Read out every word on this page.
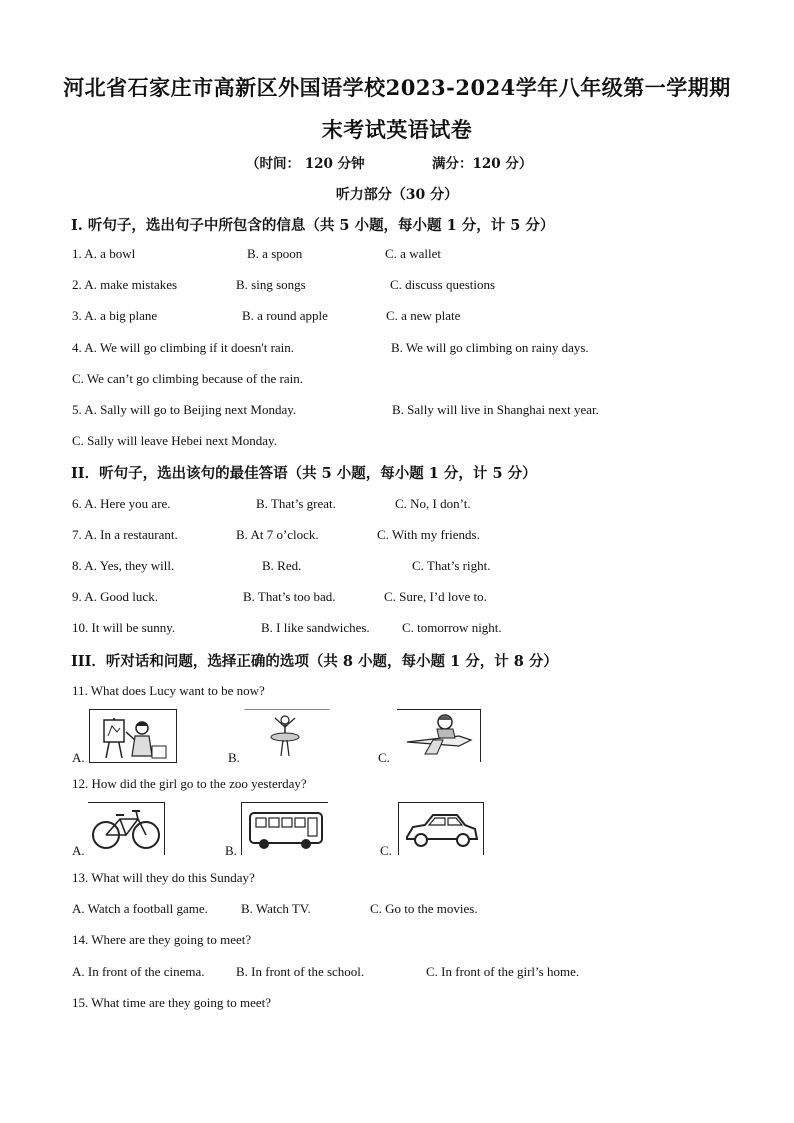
河北省石家庄市高新区外国语学校2023-2024学年八年级第一学期期
末考试英语试卷
（时间： 120 分钟	满分：120 分）
听力部分（30 分）
I. 听句子，选出句子中所包含的信息（共 5 小题，每小题 1 分，计 5 分）
1. A. a bowl	B. a spoon	C. a wallet
2. A. make mistakes	B. sing songs	C. discuss questions
3. A. a big plane	B. a round apple	C. a new plate
4. A. We will go climbing if it doesn't rain.	B. We will go climbing on rainy days.
C. We can’t go climbing because of the rain.
5. A. Sally will go to Beijing next Monday.	B. Sally will live in Shanghai next year.
C. Sally will leave Hebei next Monday.
II．听句子，选出该句的最佳答语（共 5 小题，每小题 1 分，计 5 分）
6. A. Here you are.	B. That’s great.	C. No, I don’t.
7. A. In a restaurant.	B. At 7 o’clock.	C. With my friends.
8. A. Yes, they will.	B. Red.	C. That’s right.
9. A. Good luck.	B. That’s too bad.	C. Sure, I’d love to.
10. It will be sunny.	B. I like sandwiches. C. tomorrow night.
III．听对话和问题，选择正确的选项（共 8 小题，每小题 1 分，计 8 分）
11. What does Lucy want to be now?
A.	B.	C.
12. How did the girl go to the zoo yesterday?
A.	B.	C.
13. What will they do this Sunday?
A. Watch a football game.	B. Watch TV.	C. Go to the movies.
14. Where are they going to meet?
A. In front of the cinema. B. In front of the school.	C. In front of the girl’s home.
15. What time are they going to meet?
